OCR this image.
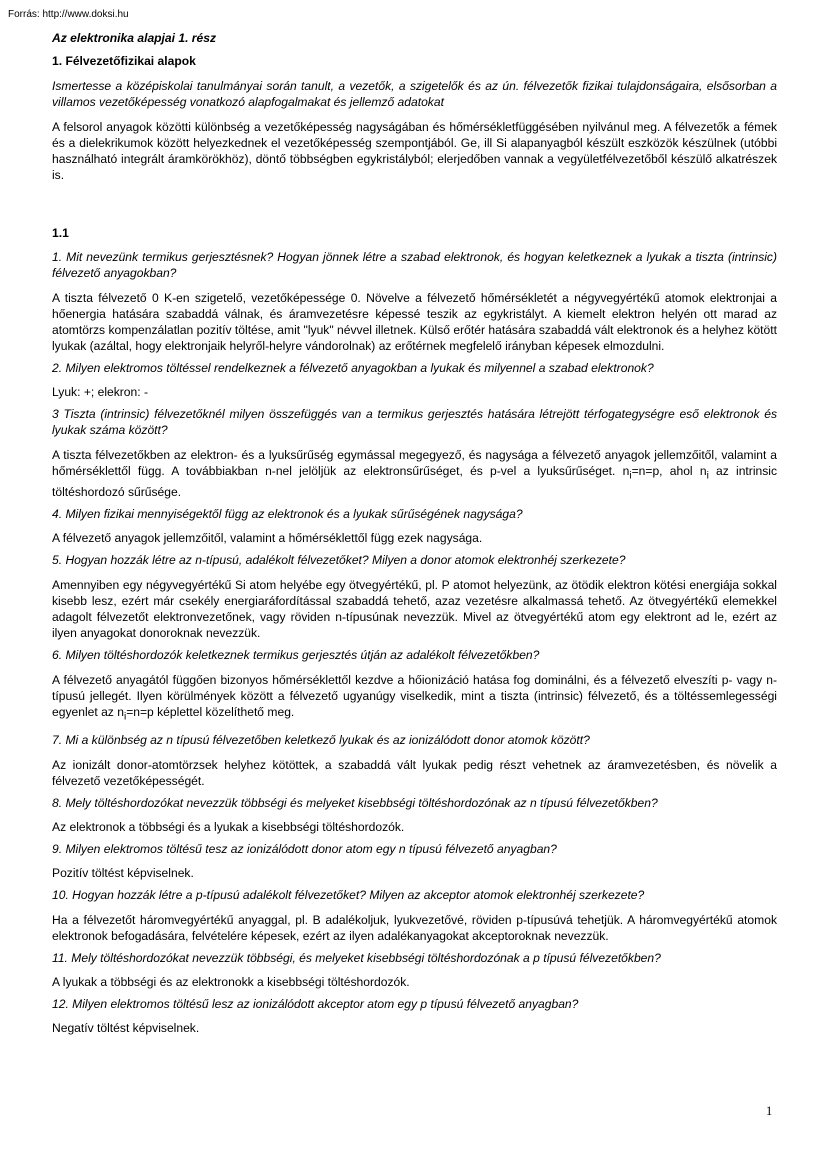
Forrás: http://www.doksi.hu

Az elektronika alapjai 1. rész

1. Félvezetőfizikai alapok

Ismertesse a középiskolai tanulmányai során tanult, a vezetők, a szigetelők és az ún. félvezetők fizikai tulajdonságaira, elsősorban a villamos vezetőképesség vonatkozó alapfogalmakat és jellemző adatokat

A felsorol anyagok közötti különbség a vezetőképesség nagyságában és hőmérsékletfüggésében nyilvánul meg. A félvezetők a fémek és a dielekrikumok között helyezkednek el vezetőképesség szempontjából. Ge, ill Si alapanyagból készült eszközök készülnek (utóbbi használható integrált áramkörökhöz), döntő többségben egykristályból; elerjedőben vannak a vegyületfélvezetőből készülő alkatrészek is.

1.1

1. Mit nevezünk termikus gerjesztésnek? Hogyan jönnek létre a szabad elektronok, és hogyan keletkeznek a lyukak a tiszta (intrinsic) félvezető anyagokban?

A tiszta félvezető 0 K-en szigetelő, vezetőképessége 0. Növelve a félvezető hőmérsékletét a négyvegyértékű atomok elektronjai a hőenergia hatására szabaddá válnak, és áramvezetésre képessé teszik az egykristályt. A kiemelt elektron helyén ott marad az atomtörzs kompenzálatlan pozitív töltése, amit "lyuk" névvel illetnek. Külső erőtér hatására szabaddá vált elektronok és a helyhez kötött lyukak (azáltal, hogy elektronjaik helyről-helyre vándorolnak) az erőtérnek megfelelő irányban képesek elmozdulni.

2. Milyen elektromos töltéssel rendelkeznek a félvezető anyagokban a lyukak és milyennel a szabad elektronok?

Lyuk: +; elekron: -

3 Tiszta (intrinsic) félvezetőknél milyen összefüggés van a termikus gerjesztés hatására létrejött térfogategységre eső elektronok és lyukak száma között?

A tiszta félvezetőkben az elektron- és a lyuksűrűség egymással megegyező, és nagysága a félvezető anyagok jellemzőitől, valamint a hőmérséklettől függ. A továbbiakban n-nel jelöljük az elektronsűrűséget, és p-vel a lyuksűrűséget. $n_i=n=p$, ahol $n_i$ az intrinsic töltéshordozó sűrűsége.

4. Milyen fizikai mennyiségektől függ az elektronok és a lyukak sűrűségének nagysága?

A félvezető anyagok jellemzőitől, valamint a hőmérséklettől függ ezek nagysága.

5. Hogyan hozzák létre az n-típusú, adalékolt félvezetőket? Milyen a donor atomok elektronhéj szerkezete?

Amennyiben egy négyvegyértékű Si atom helyébe egy ötvegyértékű, pl. P atomot helyezünk, az ötödik elektron kötési energiája sokkal kisebb lesz, ezért már csekély energiaráfordítással szabaddá tehető, azaz vezetésre alkalmassá tehető. Az ötvegyértékű elemekkel adagolt félvezetőt elektronvezetőnek, vagy röviden n-típusúnak nevezzük. Mivel az ötvegyértékű atom egy elektront ad le, ezért az ilyen anyagokat donoroknak nevezzük.

6. Milyen töltéshordozók keletkeznek termikus gerjesztés útján az adalékolt félvezetőkben?

A félvezető anyagától függően bizonyos hőmérséklettől kezdve a hőionizáció hatása fog dominálni, és a félvezető elveszíti p- vagy n-típusú jellegét. Ilyen körülmények között a félvezető ugyanúgy viselkedik, mint a tiszta (intrinsic) félvezető, és a töltéssemlegességi egyenlet az $n_i=n=p$ képlettel közelíthető meg.

7. Mi a különbség az n típusú félvezetőben keletkező lyukak és az ionizálódott donor atomok között?

Az ionizált donor-atomtörzsek helyhez kötöttek, a szabaddá vált lyukak pedig részt vehetnek az áramvezetésben, és növelik a félvezető vezetőképességét.

8. Mely töltéshordozókat nevezzük többségi és melyeket kisebbségi töltéshordozónak az n típusú félvezetőkben?

Az elektronok a többségi és a lyukak a kisebbségi töltéshordozók.

9. Milyen elektromos töltésű tesz az ionizálódott donor atom egy n típusú félvezető anyagban?

Pozitív töltést képviselnek.

10. Hogyan hozzák létre a p-típusú adalékolt félvezetőket? Milyen az akceptor atomok elektronhéj szerkezete?

Ha a félvezetőt háromvegyértékű anyaggal, pl. B adalékoljuk, lyukvezetővé, röviden p-típusúvá tehetjük. A háromvegyértékű atomok elektronok befogadására, felvételére képesek, ezért az ilyen adalékanyagokat akceptoroknak nevezzük.

11. Mely töltéshordozókat nevezzük többségi, és melyeket kisebbségi töltéshordozónak a p típusú félvezetőkben?

A lyukak a többségi és az elektronokk a kisebbségi töltéshordozók.

12. Milyen elektromos töltésű lesz az ionizálódott akceptor atom egy p típusú félvezető anyagban?

Negatív töltést képviselnek.

1
